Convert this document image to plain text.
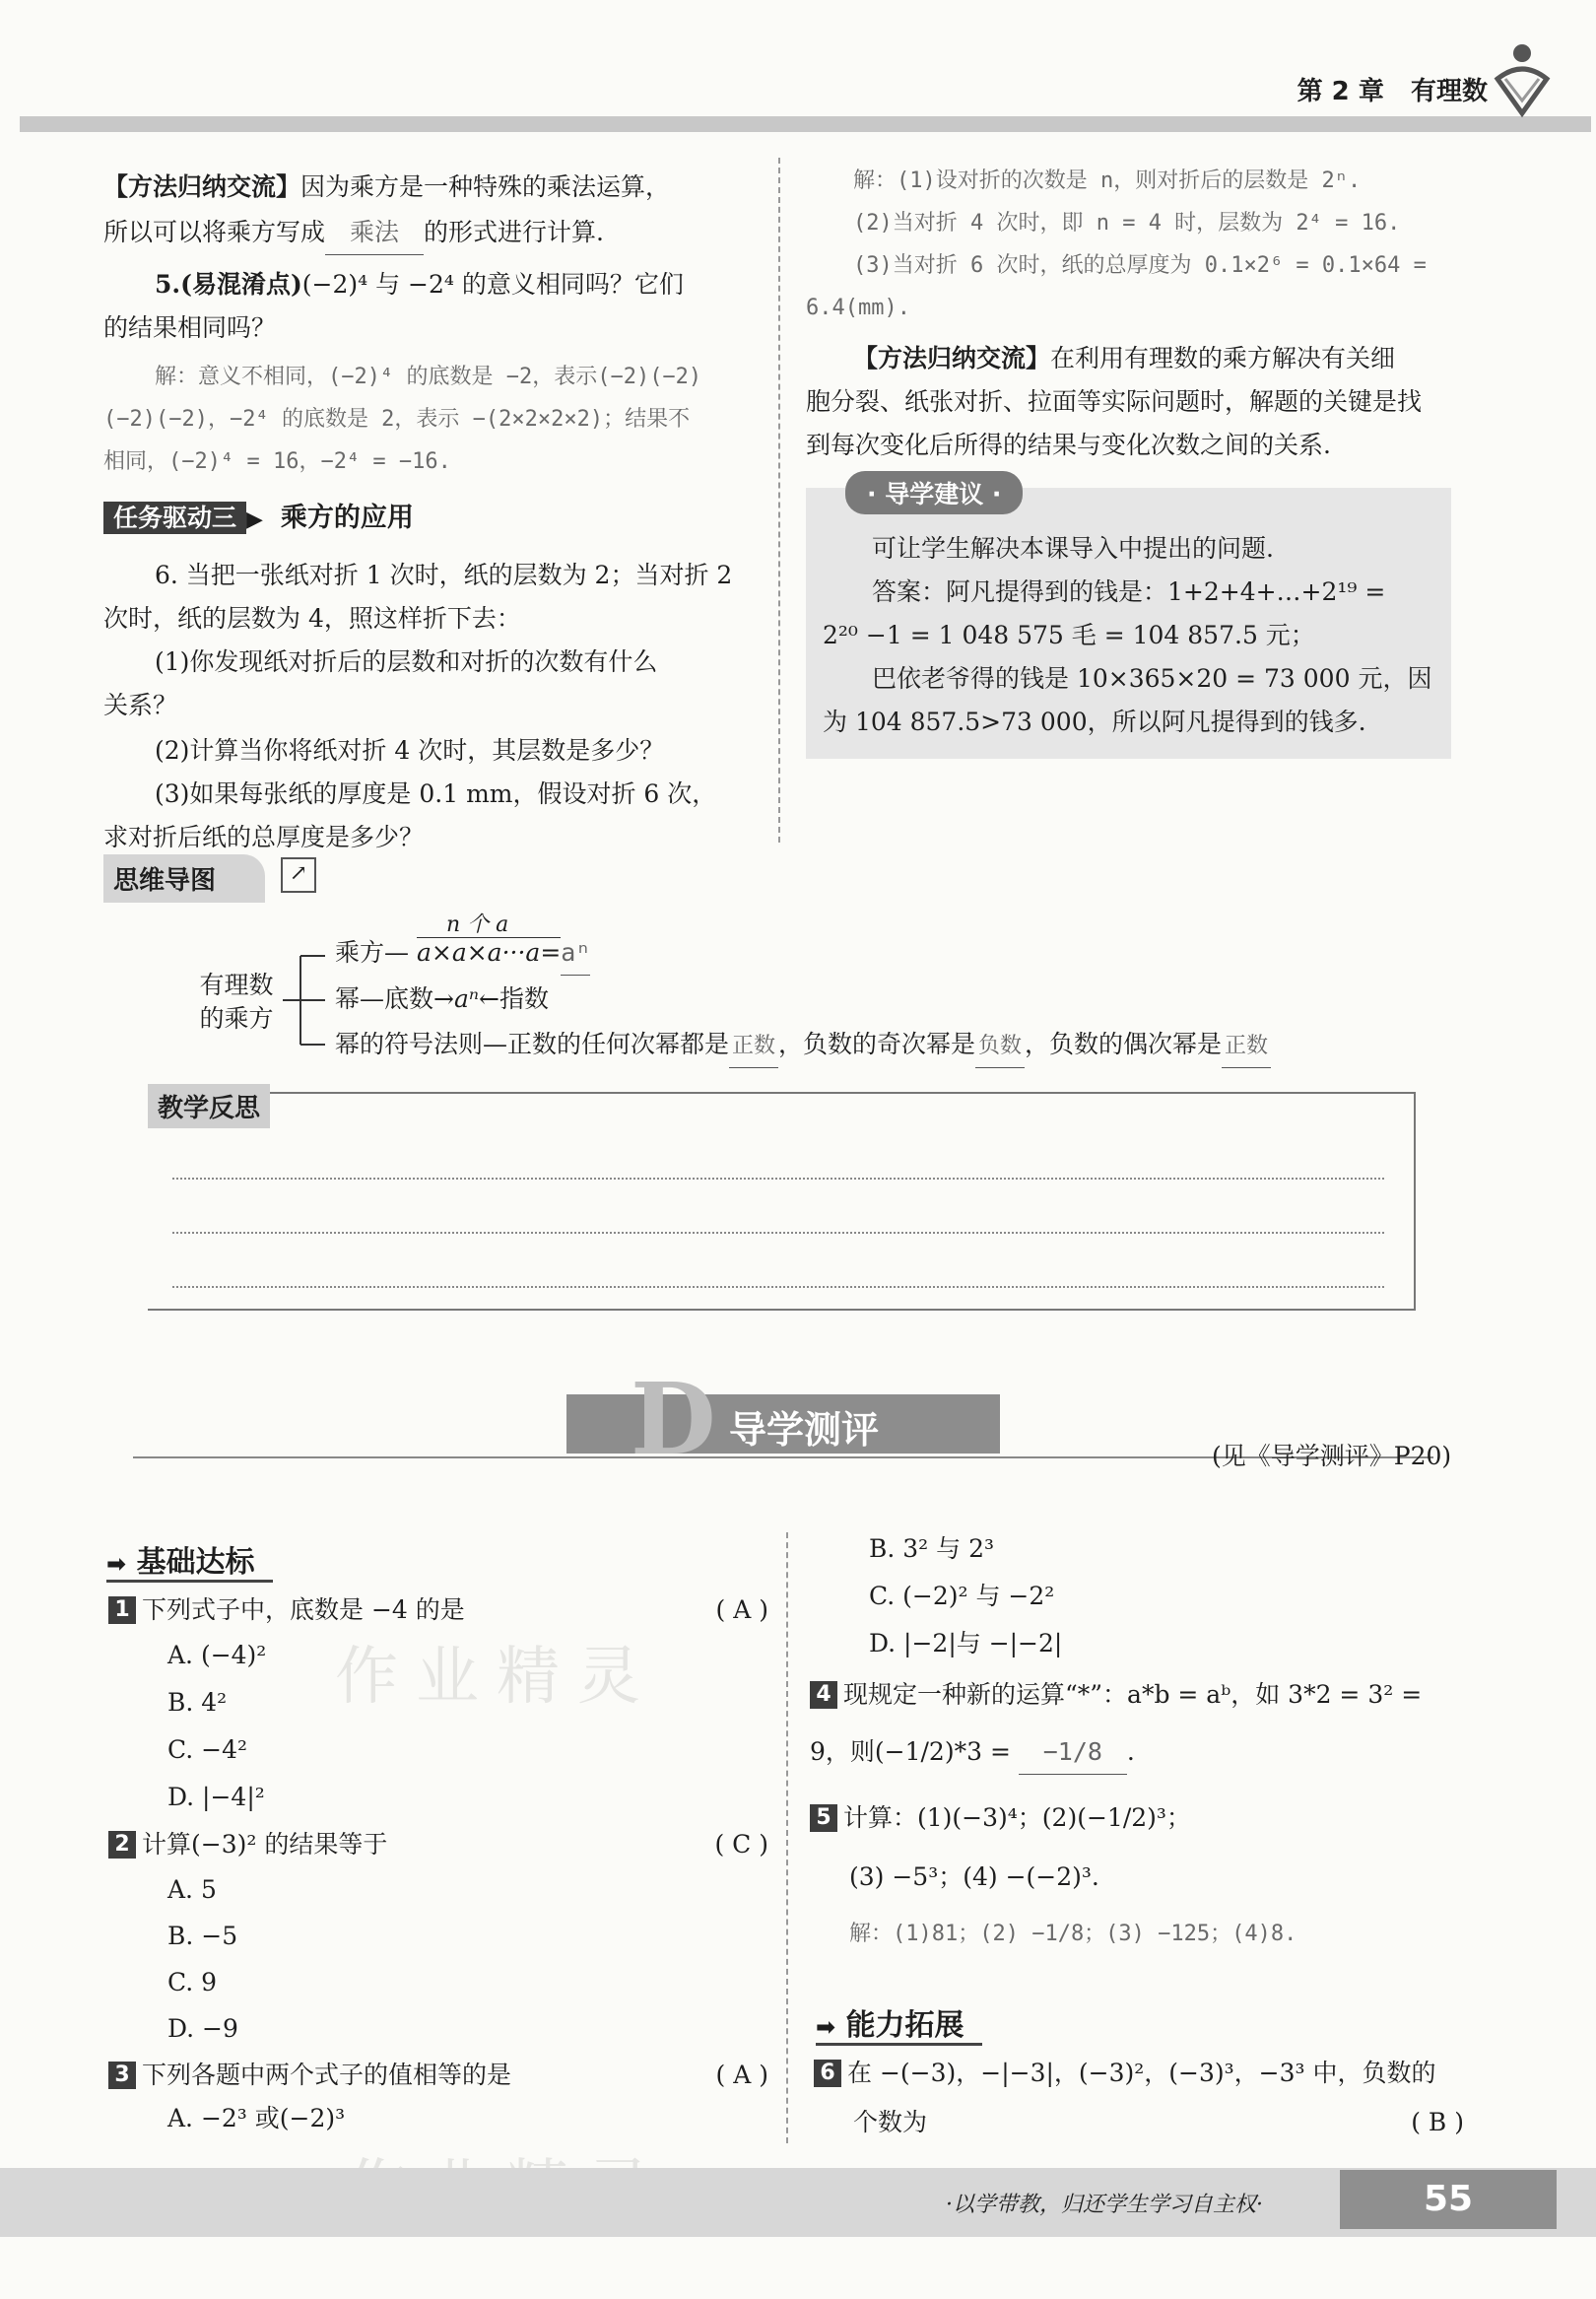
第 2 章 有理数
【方法归纳交流】因为乘方是一种特殊的乘法运算，
所以可以将乘方写成 乘法 的形式进行计算.
5.(易混淆点)(−2)⁴ 与 −2⁴ 的意义相同吗？它们
的结果相同吗？
解：意义不相同，(−2)⁴ 的底数是 −2，表示(−2)(−2)
(−2)(−2)，−2⁴ 的底数是 2，表示 −(2×2×2×2)；结果不
相同，(−2)⁴ = 16，−2⁴ = −16.
任务驱动三 ▶ 乘方的应用
6. 当把一张纸对折 1 次时，纸的层数为 2；当对折 2
次时，纸的层数为 4，照这样折下去：
(1)你发现纸对折后的层数和对折的次数有什么
关系？
(2)计算当你将纸对折 4 次时，其层数是多少？
(3)如果每张纸的厚度是 0.1 mm，假设对折 6 次，
求对折后纸的总厚度是多少？
解：(1)设对折的次数是 n，则对折后的层数是 2ⁿ.
(2)当对折 4 次时，即 n = 4 时，层数为 2⁴ = 16.
(3)当对折 6 次时，纸的总厚度为 0.1×2⁶ = 0.1×64 =
6.4(mm).
【方法归纳交流】在利用有理数的乘方解决有关细
胞分裂、纸张对折、拉面等实际问题时，解题的关键是找
到每次变化后所得的结果与变化次数之间的关系.
· 导学建议 ·
可让学生解决本课导入中提出的问题.
答案：阿凡提得到的钱是：1+2+4+…+2¹⁹ =
2²⁰ −1 = 1 048 575 毛 = 104 857.5 元；
巴依老爷得的钱是 10×365×20 = 73 000 元，因
为 104 857.5>73 000，所以阿凡提得到的钱多.
思维导图	↗
有理数
的乘方
乘方—
n 个 a
a×a×a···a=aⁿ
幂—底数→aⁿ←指数
幂的符号法则—正数的任何次幂都是 正数 ，负数的奇次幂是 负数 ，负数的偶次幂是 正数
教学反思
D 导学测评
(见《导学测评》P20)
➡ 基础达标
1 下列式子中，底数是 −4 的是	( A )
A. (−4)²
B. 4²
C. −4²
D. |−4|²
2 计算(−3)² 的结果等于	( C )
A. 5
B. −5
C. 9
D. −9
3 下列各题中两个式子的值相等的是	( A )
A. −2³ 或(−2)³
B. 3² 与 2³
C. (−2)² 与 −2²
D. |−2|与 −|−2|
4 现规定一种新的运算“*”：a*b = aᵇ，如 3*2 = 3² =
9，则(−1/2)*3 = −1/8 .
5 计算：(1)(−3)⁴；(2)(−1/2)³；
(3) −5³；(4) −(−2)³.
解：(1)81；(2) −1/8；(3) −125；(4)8.
➡ 能力拓展
6 在 −(−3)，−|−3|，(−3)²，(−3)³，−3³ 中，负数的
个数为	( B )
作业精灵
·以学带教，归还学生学习自主权·	55
